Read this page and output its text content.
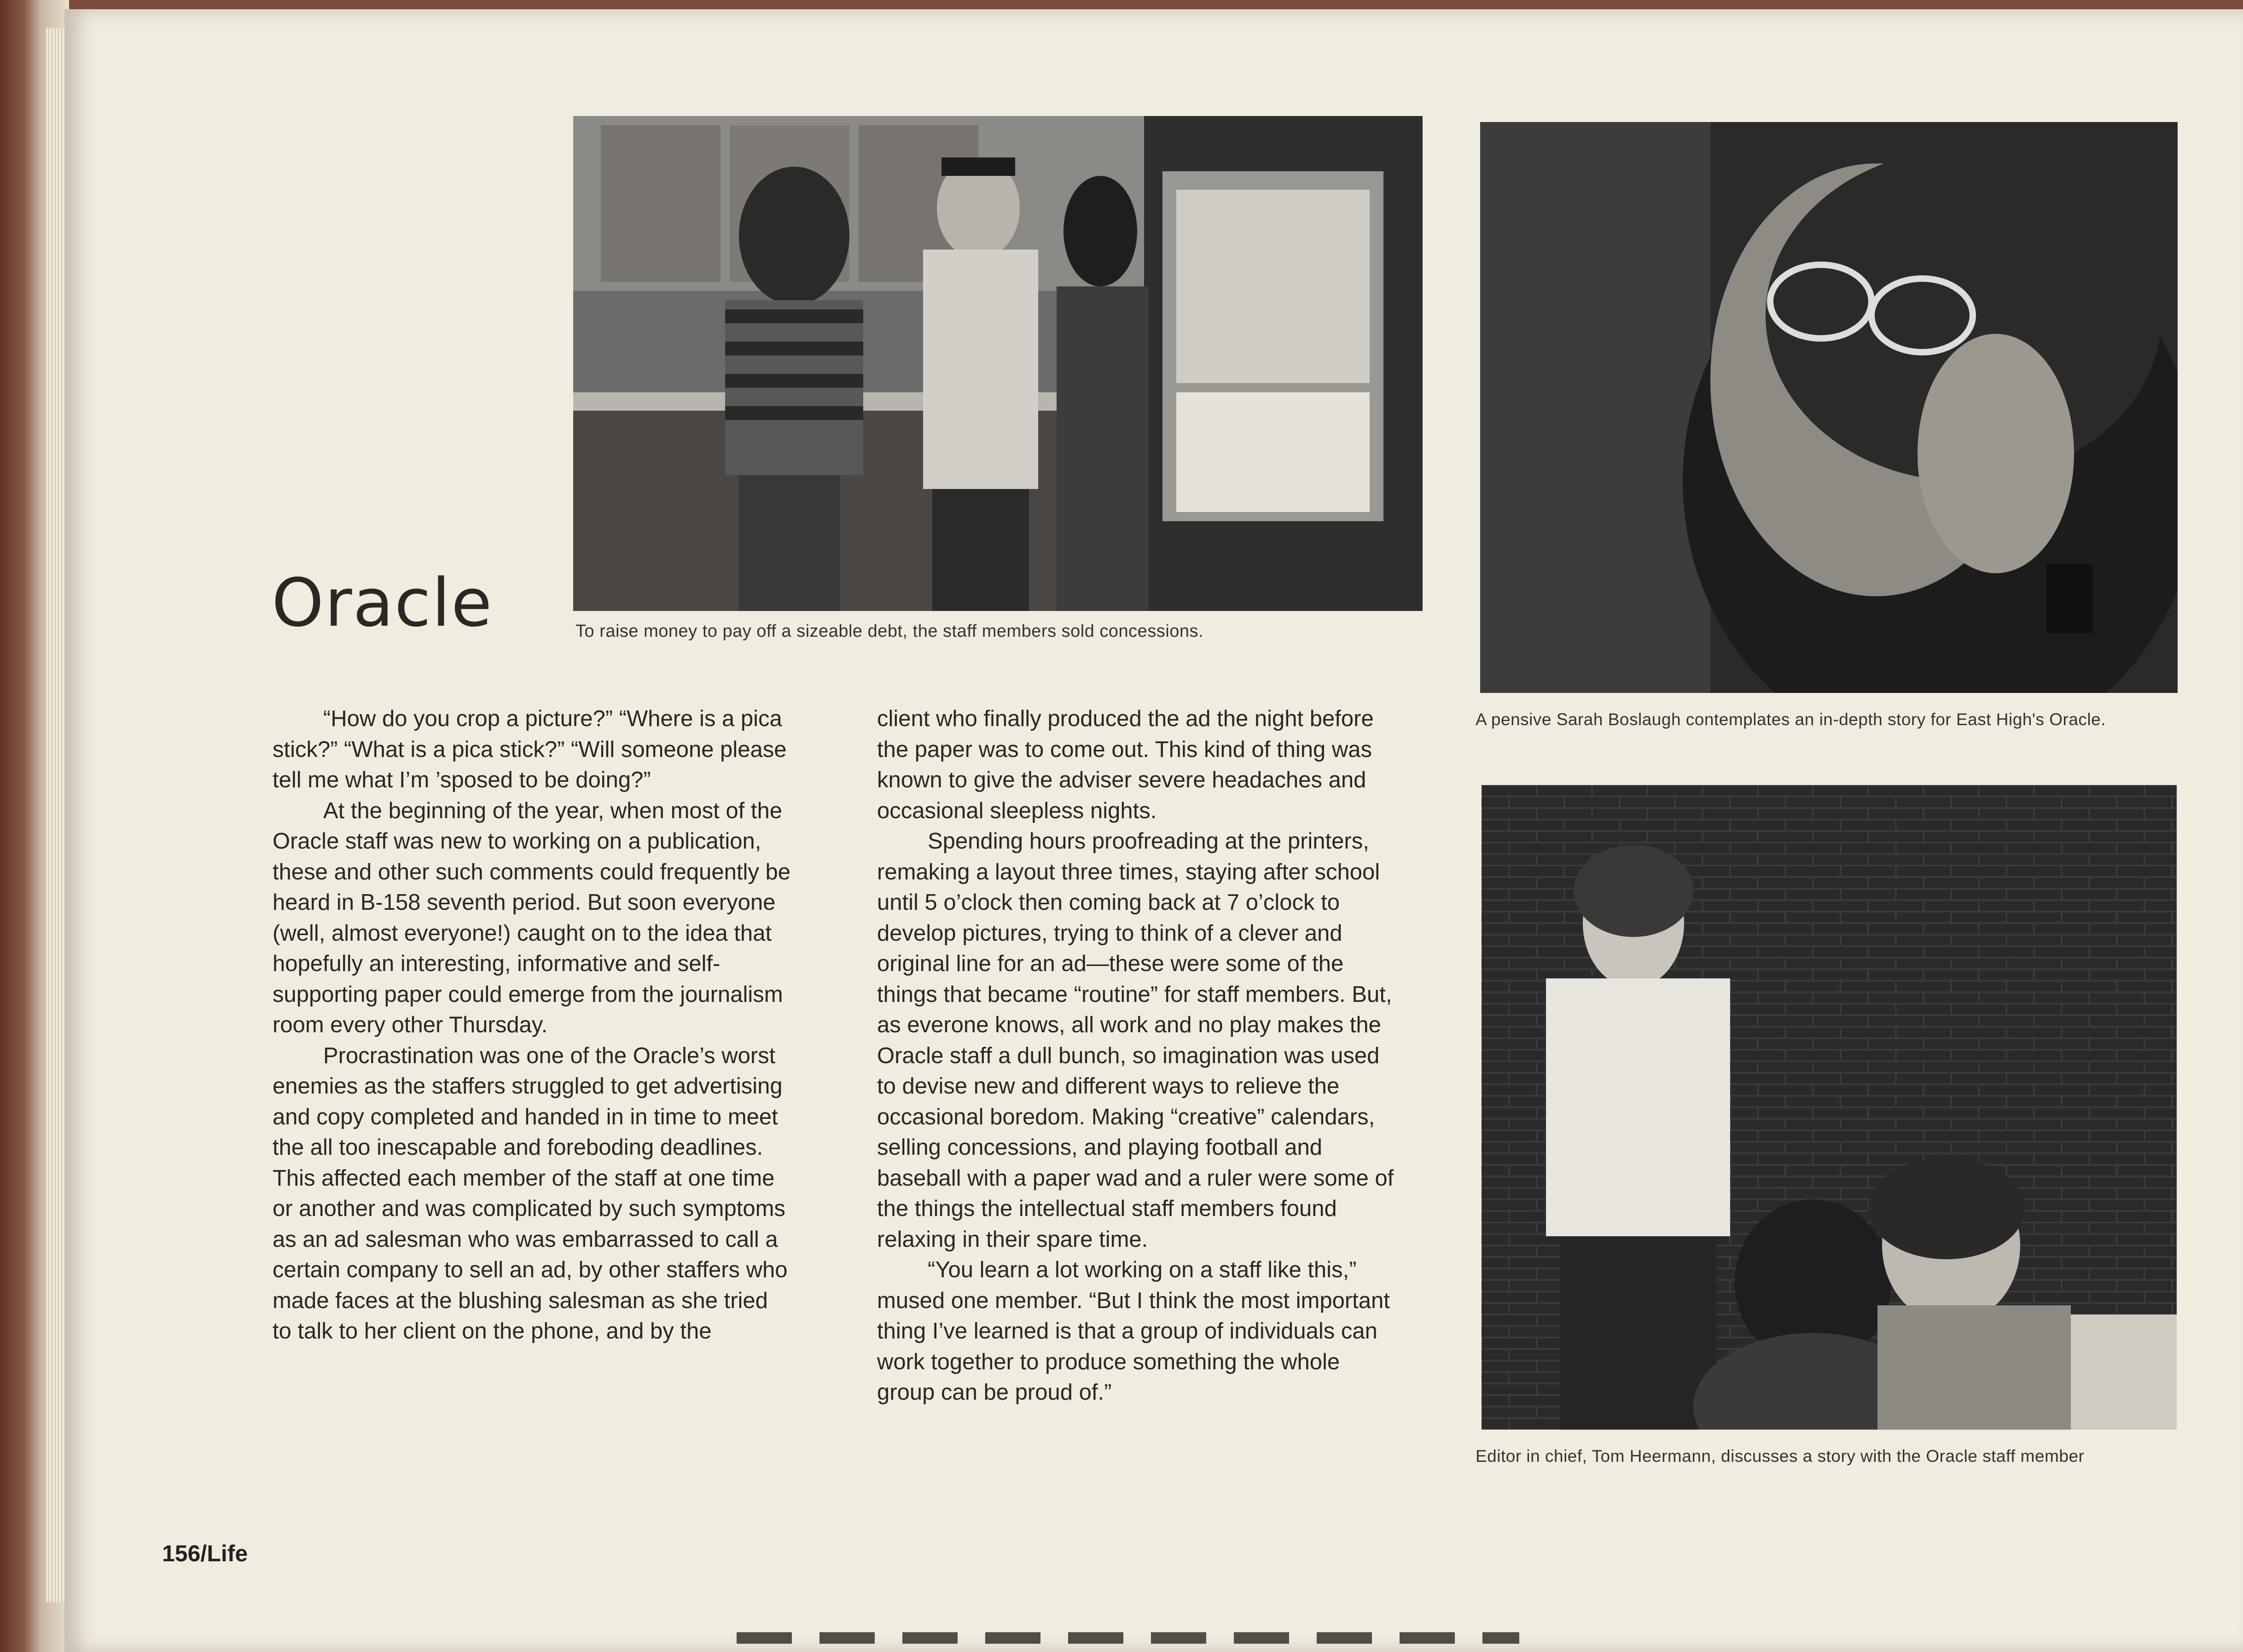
To raise money to pay off a sizeable debt, the staff members sold concessions.
A pensive Sarah Boslaugh contemplates an in-depth story for East High's Oracle.
Editor in chief, Tom Heermann, discusses a story with the Oracle staff member
Oracle

“How do you crop a picture?” “Where is a pica stick?” “What is a pica stick?” “Will someone please tell me what I’m ’sposed to be doing?”

At the beginning of the year, when most of the Oracle staff was new to working on a publication, these and other such comments could frequently be heard in B-158 seventh period. But soon everyone (well, almost everyone!) caught on to the idea that hopefully an interesting, informative and self-supporting paper could emerge from the journalism room every other Thursday.

Procrastination was one of the Oracle’s worst enemies as the staffers struggled to get advertising and copy completed and handed in in time to meet the all too inescapable and foreboding deadlines. This affected each member of the staff at one time or another and was complicated by such symptoms as an ad salesman who was embarrassed to call a certain company to sell an ad, by other staffers who made faces at the blushing salesman as she tried to talk to her client on the phone, and by the

client who finally produced the ad the night before the paper was to come out. This kind of thing was known to give the adviser severe headaches and occasional sleepless nights.

Spending hours proofreading at the printers, remaking a layout three times, staying after school until 5 o’clock then coming back at 7 o’clock to develop pictures, trying to think of a clever and original line for an ad—these were some of the things that became “routine” for staff members. But, as everone knows, all work and no play makes the Oracle staff a dull bunch, so imagination was used to devise new and different ways to relieve the occasional boredom. Making “creative” calendars, selling concessions, and playing football and baseball with a paper wad and a ruler were some of the things the intellectual staff members found relaxing in their spare time.

“You learn a lot working on a staff like this,” mused one member. “But I think the most important thing I’ve learned is that a group of individuals can work together to produce something the whole group can be proud of.”

156/Life
